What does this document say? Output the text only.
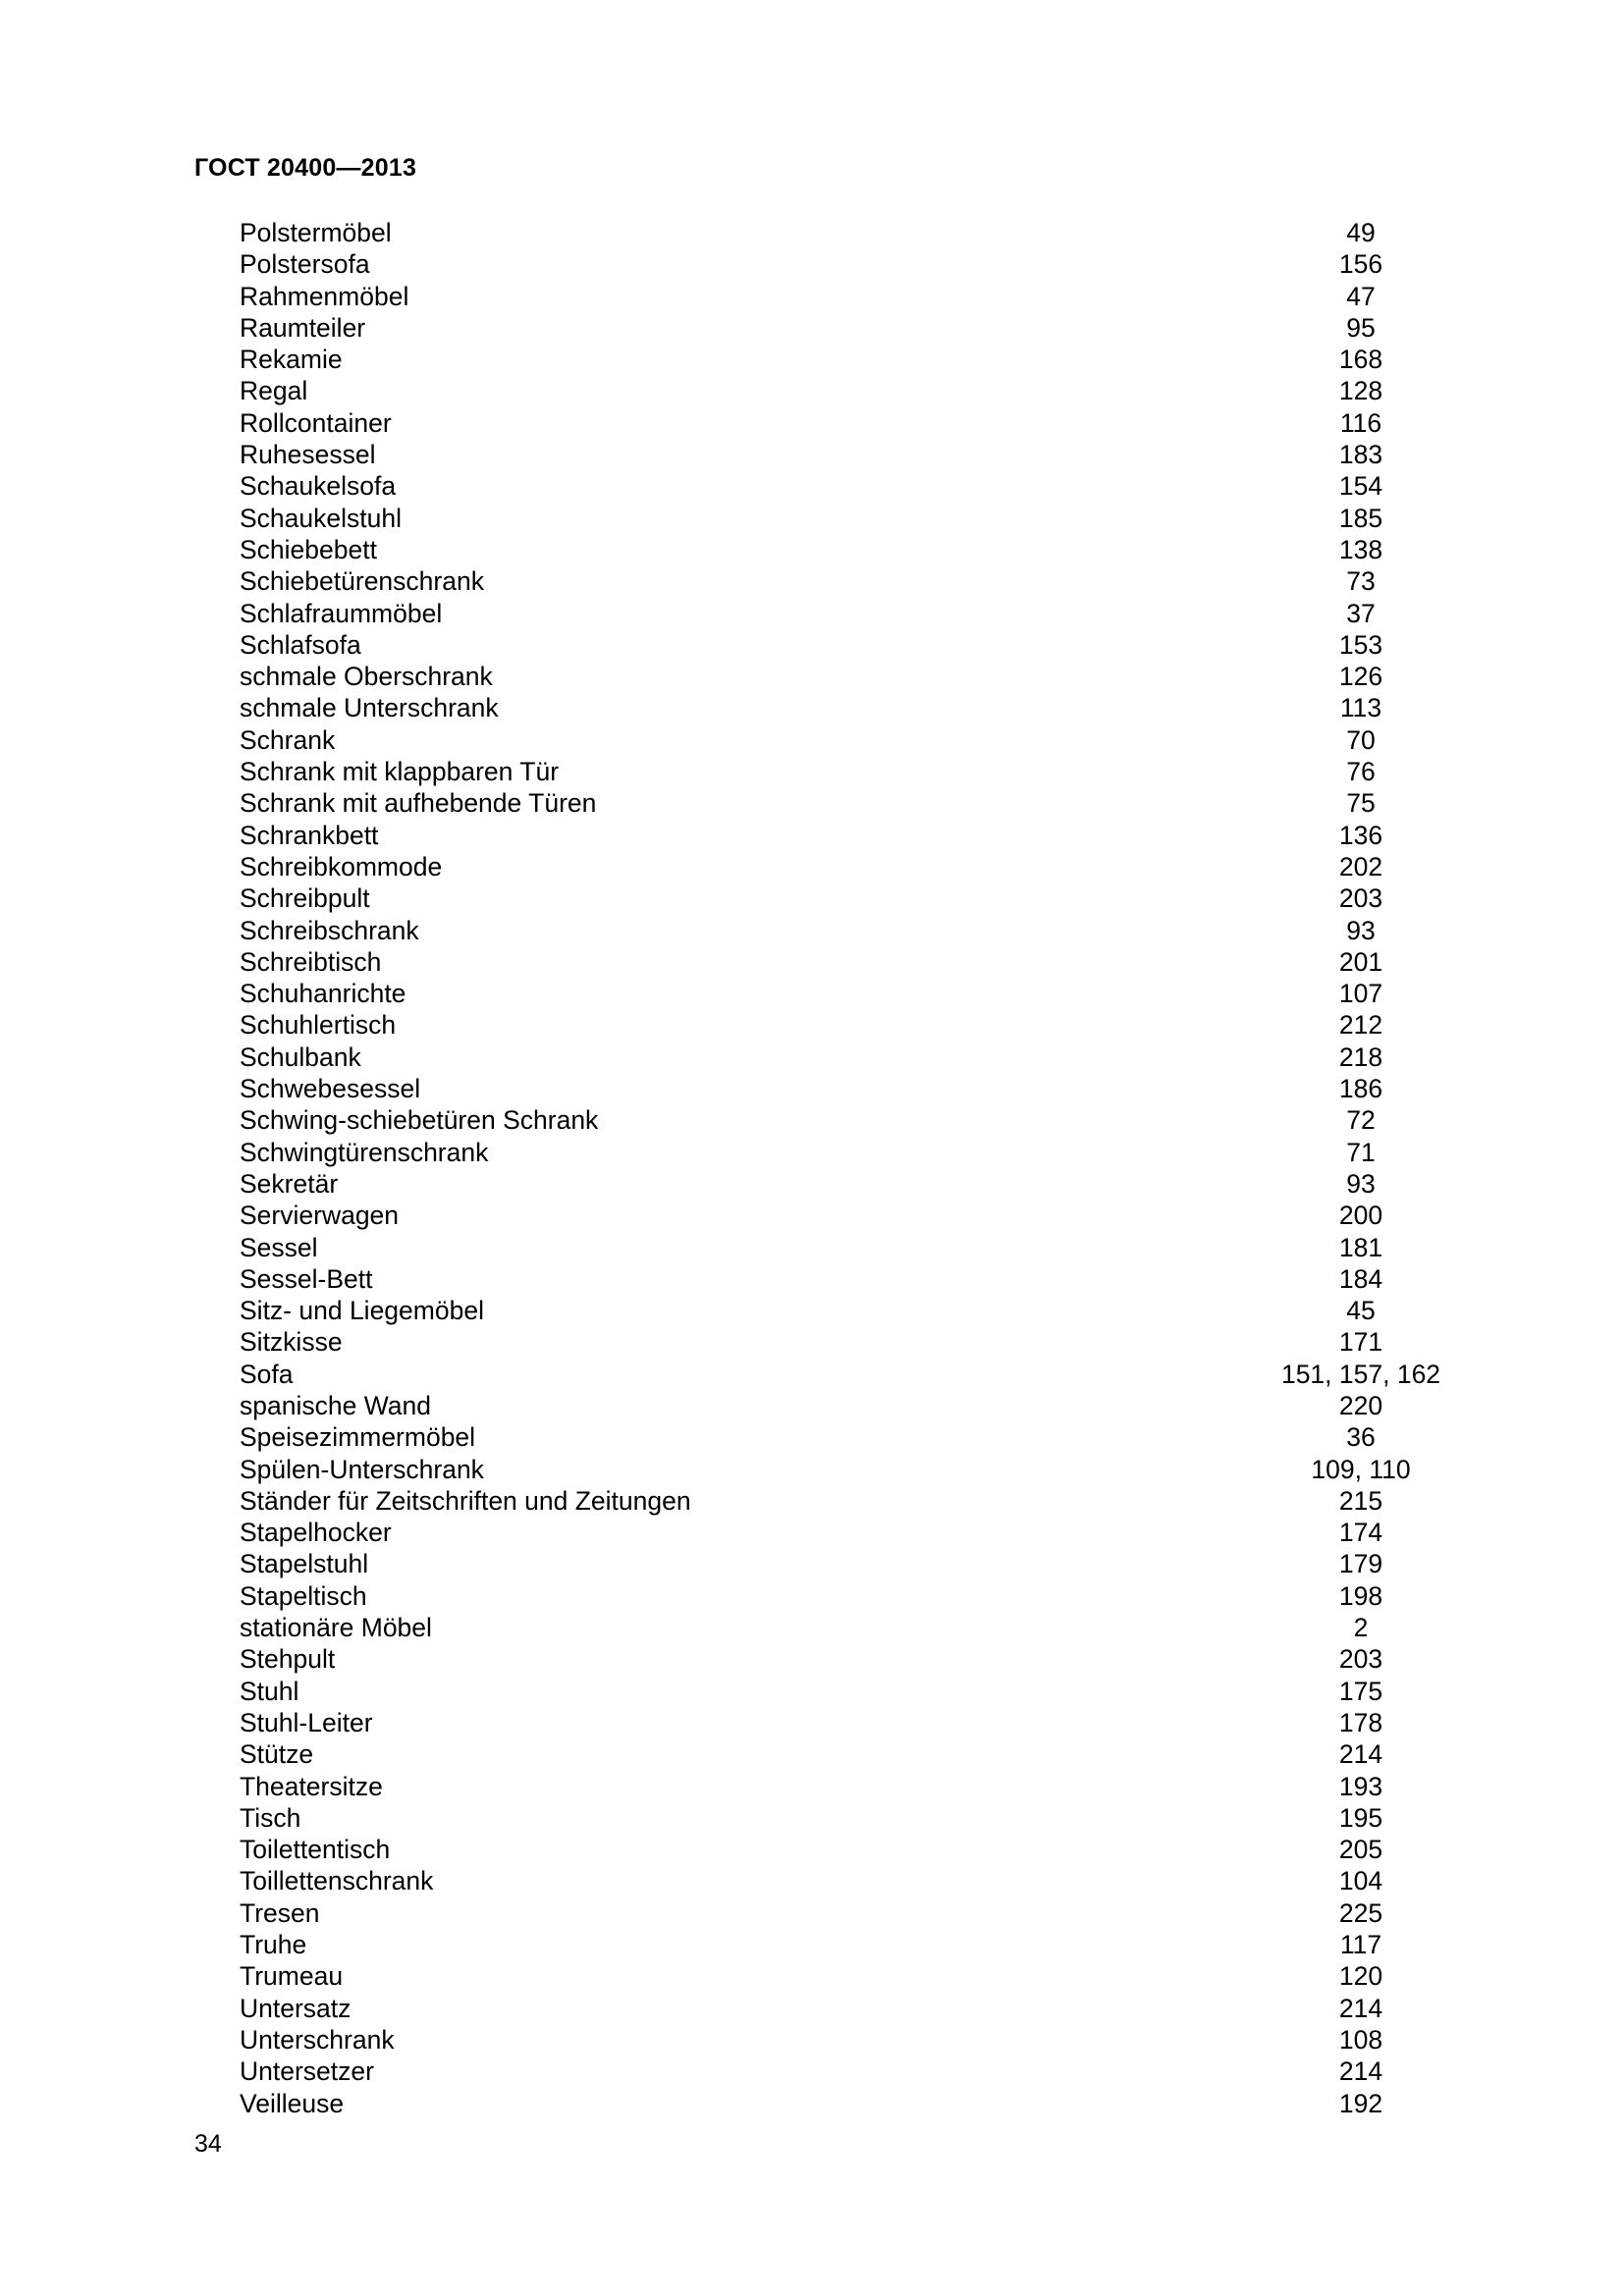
ГОСТ 20400—2013
Polstermöbel	49
Polstersofa	156
Rahmenmöbel	47
Raumteiler	95
Rekamie	168
Regal	128
Rollcontainer	116
Ruhesessel	183
Schaukelsofa	154
Schaukelstuhl	185
Schiebebett	138
Schiebetürenschrank	73
Schlafraummöbel	37
Schlafsofa	153
schmale Oberschrank	126
schmale Unterschrank	113
Schrank	70
Schrank mit klappbaren Tür	76
Schrank mit aufhebende Türen	75
Schrankbett	136
Schreibkommode	202
Schreibpult	203
Schreibschrank	93
Schreibtisch	201
Schuhanrichte	107
Schuhlertisch	212
Schulbank	218
Schwebesessel	186
Schwing-schiebetüren Schrank	72
Schwingtürenschrank	71
Sekretär	93
Servierwagen	200
Sessel	181
Sessel-Bett	184
Sitz- und Liegemöbel	45
Sitzkisse	171
Sofa	151, 157, 162
spanische Wand	220
Speisezimmermöbel	36
Spülen-Unterschrank	109, 110
Ständer für Zeitschriften und Zeitungen	215
Stapelhocker	174
Stapelstuhl	179
Stapeltisch	198
stationäre Möbel	2
Stehpult	203
Stuhl	175
Stuhl-Leiter	178
Stütze	214
Theatersitze	193
Tisch	195
Toilettentisch	205
Toillettenschrank	104
Tresen	225
Truhe	117
Trumeau	120
Untersatz	214
Unterschrank	108
Untersetzer	214
Veilleuse	192
34
